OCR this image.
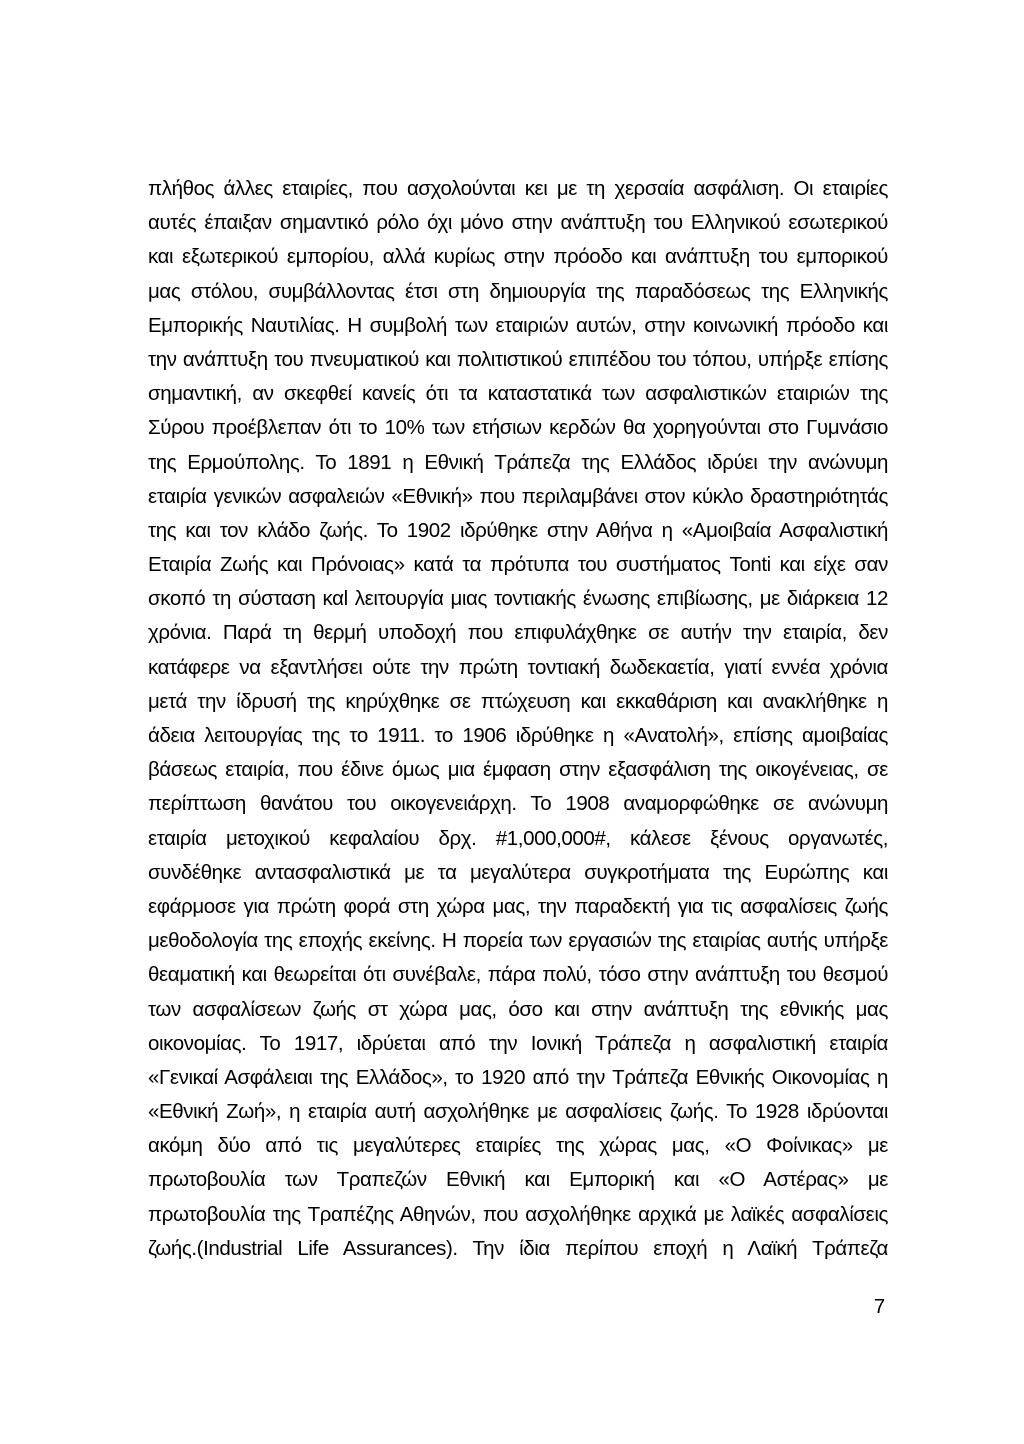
πλήθος άλλες εταιρίες, που ασχολούνται κει με τη χερσαία ασφάλιση. Οι εταιρίες
αυτές έπαιξαν σημαντικό ρόλο όχι μόνο στην ανάπτυξη του Ελληνικού εσωτερικού
και εξωτερικού εμπορίου, αλλά κυρίως στην πρόοδο και ανάπτυξη του εμπορικού
μας στόλου, συμβάλλοντας έτσι στη δημιουργία της παραδόσεως της Ελληνικής
Εμπορικής Ναυτιλίας. Η συμβολή των εταιριών αυτών, στην κοινωνική πρόοδο και
την ανάπτυξη του πνευματικού και πολιτιστικού επιπέδου του τόπου, υπήρξε επίσης
σημαντική, αν σκεφθεί κανείς ότι τα καταστατικά των ασφαλιστικών εταιριών της
Σύρου προέβλεπαν ότι το 10% των ετήσιων κερδών θα χορηγούνται στο Γυμνάσιο
της Ερμούπολης. Το 1891 η Εθνική Τράπεζα της Ελλάδος ιδρύει την ανώνυμη
εταιρία γενικών ασφαλειών «Εθνική» που περιλαμβάνει στον κύκλο δραστηριότητάς
της και τον κλάδο ζωής. Το 1902 ιδρύθηκε στην Αθήνα η «Αμοιβαία Ασφαλιστική
Εταιρία Ζωής και Πρόνοιας» κατά τα πρότυπα του συστήματος Tonti και είχε σαν
σκοπό τη σύσταση καl λειτουργία μιας τοντιακής ένωσης επιβίωσης, με διάρκεια 12
χρόνια. Παρά τη θερμή υποδοχή που επιφυλάχθηκε σε αυτήν την εταιρία, δεν
κατάφερε να εξαντλήσει ούτε την πρώτη τοντιακή δωδεκαετία, γιατί εννέα χρόνια
μετά την ίδρυσή της κηρύχθηκε σε πτώχευση και εκκαθάριση και ανακλήθηκε η
άδεια λειτουργίας της το 1911. το 1906 ιδρύθηκε η «Ανατολή», επίσης αμοιβαίας
βάσεως εταιρία, που έδινε όμως μια έμφαση στην εξασφάλιση της οικογένειας, σε
περίπτωση θανάτου του οικογενειάρχη. Το 1908 αναμορφώθηκε σε ανώνυμη
εταιρία μετοχικού κεφαλαίου δρχ. #1,000,000#, κάλεσε ξένους οργανωτές,
συνδέθηκε αντασφαλιστικά με τα μεγαλύτερα συγκροτήματα της Ευρώπης και
εφάρμοσε για πρώτη φορά στη χώρα μας, την παραδεκτή για τις ασφαλίσεις ζωής
μεθοδολογία της εποχής εκείνης. Η πορεία των εργασιών της εταιρίας αυτής υπήρξε
θεαματική και θεωρείται ότι συνέβαλε, πάρα πολύ, τόσο στην ανάπτυξη του θεσμού
των ασφαλίσεων ζωής στ χώρα μας, όσο και στην ανάπτυξη της εθνικής μας
οικονομίας. Το 1917, ιδρύεται από την Ιονική Τράπεζα η ασφαλιστική εταιρία
«Γενικαί Ασφάλειαι της Ελλάδος», το 1920 από την Τράπεζα Εθνικής Οικονομίας η
«Εθνική Ζωή», η εταιρία αυτή ασχολήθηκε με ασφαλίσεις ζωής. Το 1928 ιδρύονται
ακόμη δύο από τις μεγαλύτερες εταιρίες της χώρας μας, «Ο Φοίνικας» με
πρωτοβουλία των Τραπεζών Εθνική και Εμπορική και «Ο Αστέρας» με
πρωτοβουλία της Τραπέζης Αθηνών, που ασχολήθηκε αρχικά με λαϊκές ασφαλίσεις
ζωής.(Industrial Life Assurances). Την ίδια περίπου εποχή η Λαϊκή Τράπεζα
7
